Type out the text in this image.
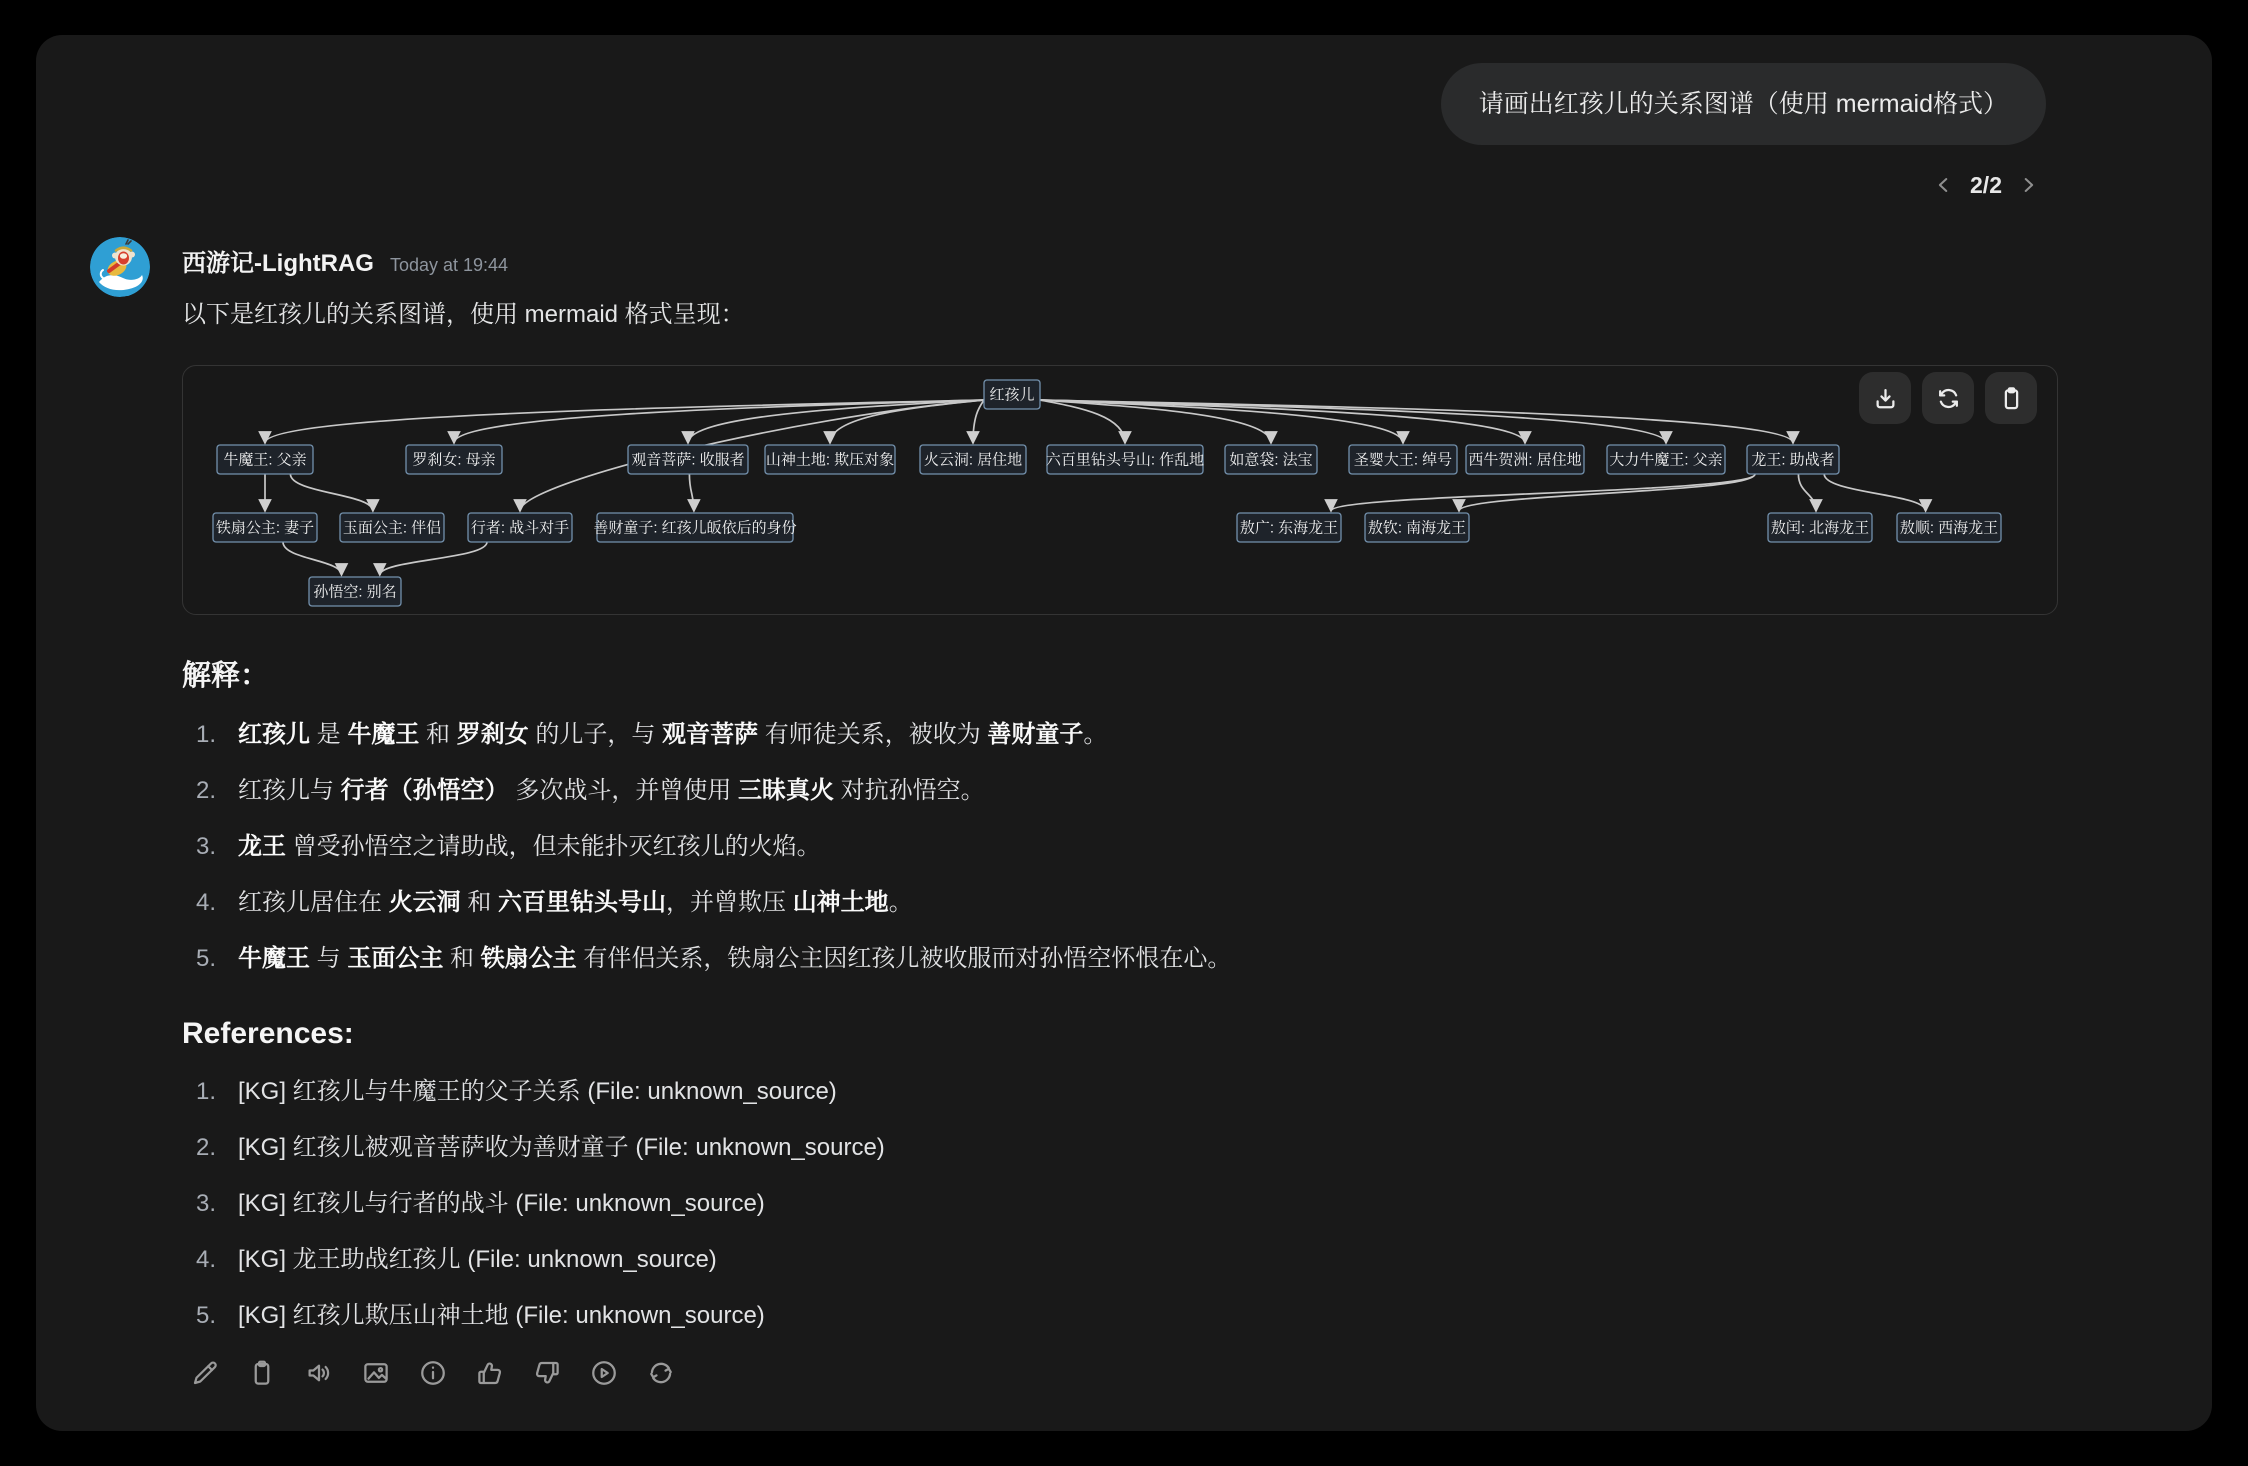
请画出红孩儿的关系图谱（使用 mermaid格式）
2/2
西游记-LightRAG Today at 19:44
以下是红孩儿的关系图谱，使用 mermaid 格式呈现：
红孩儿
牛魔王: 父亲	罗刹女: 母亲	观音菩萨: 收服者 山神土地: 欺压对象 火云洞: 居住地 六百里钻头号山: 作乱地 如意袋: 法宝	圣婴大王: 绰号 西牛贺洲: 居住地 大力牛魔王: 父亲 龙王: 助战者
铁扇公主: 妻子 玉面公主: 伴侣 行者: 战斗对手 善财童子: 红孩儿皈依后的身份	敖广: 东海龙王 敖钦: 南海龙王	敖闰: 北海龙王 敖顺: 西海龙王
孙悟空: 别名
解释：
1. 红孩儿 是 牛魔王 和 罗刹女 的儿子，与 观音菩萨 有师徒关系，被收为 善财童子。
2. 红孩儿与 行者（孙悟空） 多次战斗，并曾使用 三昧真火 对抗孙悟空。
3. 龙王 曾受孙悟空之请助战，但未能扑灭红孩儿的火焰。
4. 红孩儿居住在 火云洞 和 六百里钻头号山，并曾欺压 山神土地。
5. 牛魔王 与 玉面公主 和 铁扇公主 有伴侣关系，铁扇公主因红孩儿被收服而对孙悟空怀恨在心。
References:
1. [KG] 红孩儿与牛魔王的父子关系 (File: unknown_source)
2. [KG] 红孩儿被观音菩萨收为善财童子 (File: unknown_source)
3. [KG] 红孩儿与行者的战斗 (File: unknown_source)
4. [KG] 龙王助战红孩儿 (File: unknown_source)
5. [KG] 红孩儿欺压山神土地 (File: unknown_source)
